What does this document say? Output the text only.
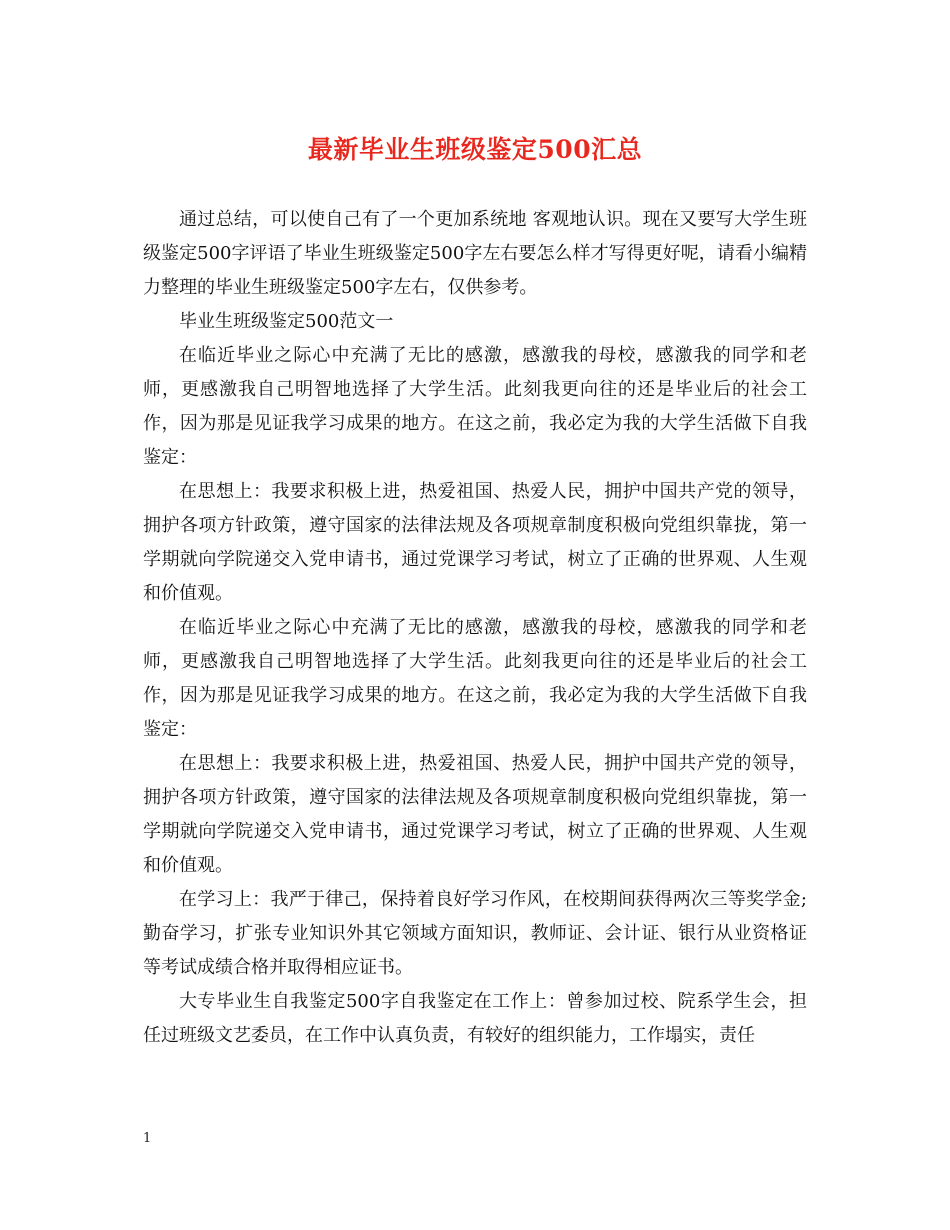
最新毕业生班级鉴定500汇总

通过总结，可以使自己有了一个更加系统地 客观地认识。现在又要写大学生班级鉴定500字评语了毕业生班级鉴定500字左右要怎么样才写得更好呢，请看小编精力整理的毕业生班级鉴定500字左右，仅供参考。

毕业生班级鉴定500范文一

在临近毕业之际心中充满了无比的感激，感激我的母校，感激我的同学和老师，更感激我自己明智地选择了大学生活。此刻我更向往的还是毕业后的社会工作，因为那是见证我学习成果的地方。在这之前，我必定为我的大学生活做下自我鉴定：

在思想上：我要求积极上进，热爱祖国、热爱人民，拥护中国共产党的领导，拥护各项方针政策，遵守国家的法律法规及各项规章制度积极向党组织靠拢，第一学期就向学院递交入党申请书，通过党课学习考试，树立了正确的世界观、人生观和价值观。

在临近毕业之际心中充满了无比的感激，感激我的母校，感激我的同学和老师，更感激我自己明智地选择了大学生活。此刻我更向往的还是毕业后的社会工作，因为那是见证我学习成果的地方。在这之前，我必定为我的大学生活做下自我鉴定：

在思想上：我要求积极上进，热爱祖国、热爱人民，拥护中国共产党的领导，拥护各项方针政策，遵守国家的法律法规及各项规章制度积极向党组织靠拢，第一学期就向学院递交入党申请书，通过党课学习考试，树立了正确的世界观、人生观和价值观。

在学习上：我严于律己，保持着良好学习作风，在校期间获得两次三等奖学金;勤奋学习，扩张专业知识外其它领域方面知识，教师证、会计证、银行从业资格证等考试成绩合格并取得相应证书。

大专毕业生自我鉴定500字自我鉴定在工作上：曾参加过校、院系学生会，担任过班级文艺委员，在工作中认真负责，有较好的组织能力，工作塌实，责任

1
